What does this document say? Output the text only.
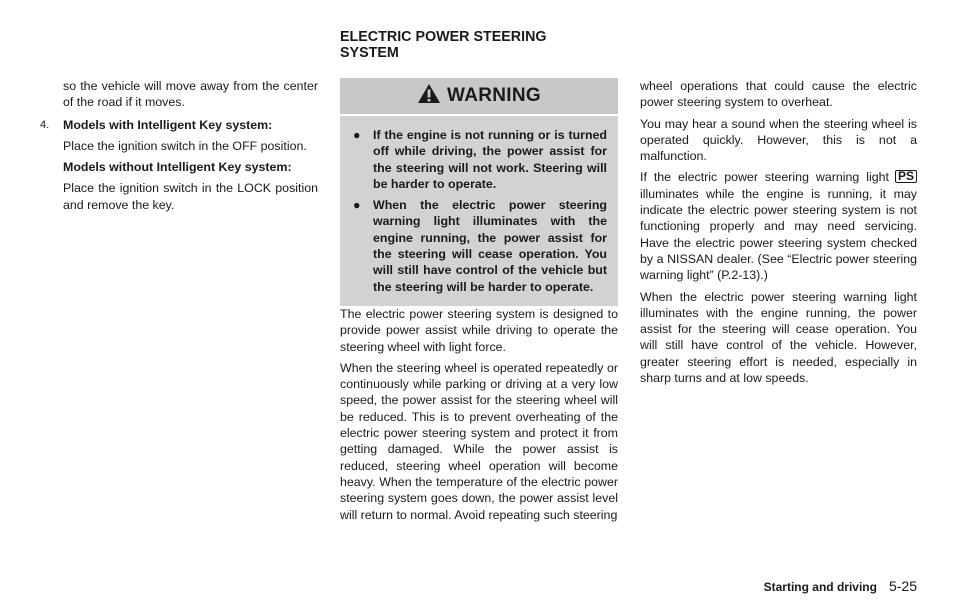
so the vehicle will move away from the center of the road if it moves.

4. Models with Intelligent Key system:

Place the ignition switch in the OFF position.

Models without Intelligent Key system:

Place the ignition switch in the LOCK position and remove the key.

ELECTRIC POWER STEERING
SYSTEM
WARNING
● If the engine is not running or is turned off while driving, the power assist for the steering will not work. Steering will be harder to operate.
● When the electric power steering warning light illuminates with the engine running, the power assist for the steering will cease operation. You will still have control of the vehicle but the steering will be harder to operate.

The electric power steering system is designed to provide power assist while driving to operate the steering wheel with light force.

When the steering wheel is operated repeatedly or continuously while parking or driving at a very low speed, the power assist for the steering wheel will be reduced. This is to prevent overheating of the electric power steering system and protect it from getting damaged. While the power assist is reduced, steering wheel operation will become heavy. When the temperature of the electric power steering system goes down, the power assist level will return to normal. Avoid repeating such steering

wheel operations that could cause the electric power steering system to overheat.

You may hear a sound when the steering wheel is operated quickly. However, this is not a malfunction.

If the electric power steering warning light PS illuminates while the engine is running, it may indicate the electric power steering system is not functioning properly and may need servicing. Have the electric power steering system checked by a NISSAN dealer. (See “Electric power steering warning light” (P.2-13).)

When the electric power steering warning light illuminates with the engine running, the power assist for the steering will cease operation. You will still have control of the vehicle. However, greater steering effort is needed, especially in sharp turns and at low speeds.

Starting and driving 5-25
